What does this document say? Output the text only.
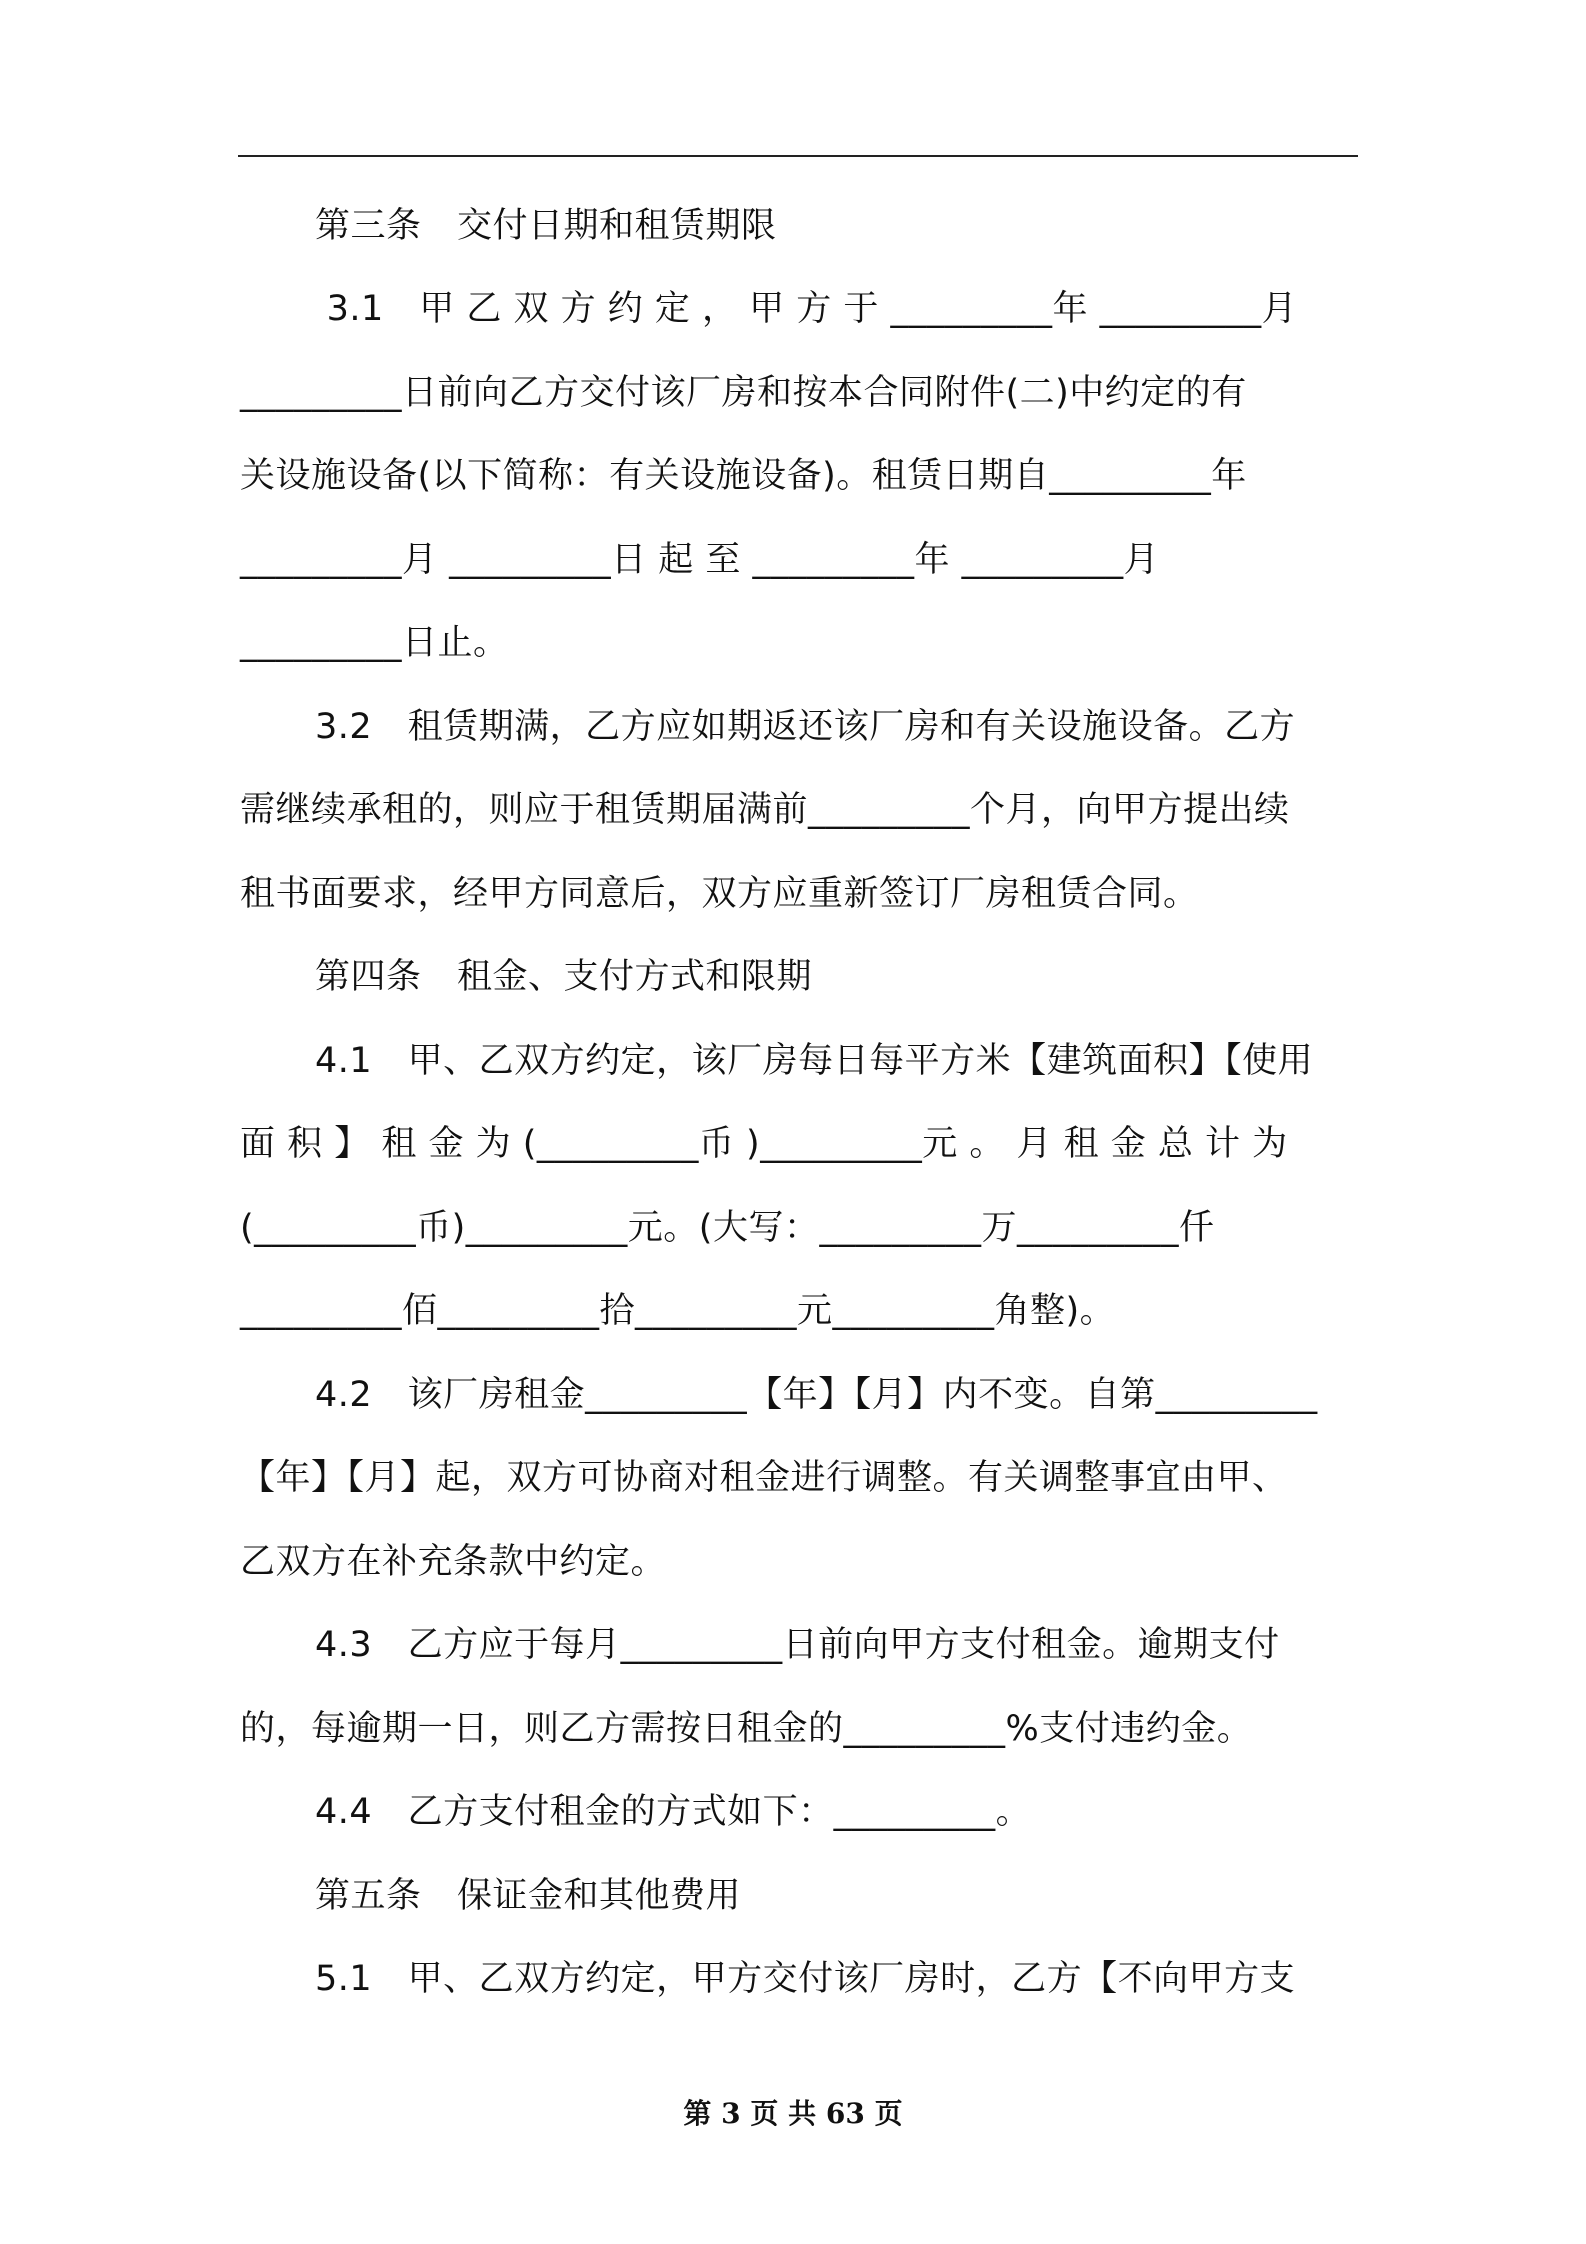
第三条　交付日期和租赁期限
3.1　甲 乙 双 方 约 定 ， 甲 方 于 _________年 _________月
_________日前向乙方交付该厂房和按本合同附件(二)中约定的有
关设施设备(以下简称：有关设施设备)。租赁日期自_________年
_________月 _________日 起 至 _________年 _________月
_________日止。
3.2　租赁期满，乙方应如期返还该厂房和有关设施设备。乙方
需继续承租的，则应于租赁期届满前_________个月，向甲方提出续
租书面要求，经甲方同意后，双方应重新签订厂房租赁合同。
第四条　租金、支付方式和限期
4.1　甲、乙双方约定，该厂房每日每平方米【建筑面积】【使用
面 积 】 租 金 为 (_________币 )_________元 。 月 租 金 总 计 为
(_________币)_________元。(大写：_________万_________仟
_________佰_________拾_________元_________角整)。
4.2　该厂房租金_________【年】【月】内不变。自第_________
【年】【月】起，双方可协商对租金进行调整。有关调整事宜由甲、
乙双方在补充条款中约定。
4.3　乙方应于每月_________日前向甲方支付租金。逾期支付
的，每逾期一日，则乙方需按日租金的_________%支付违约金。
4.4　乙方支付租金的方式如下：_________。
第五条　保证金和其他费用
5.1　甲、乙双方约定，甲方交付该厂房时，乙方【不向甲方支
第 3 页 共 63 页
